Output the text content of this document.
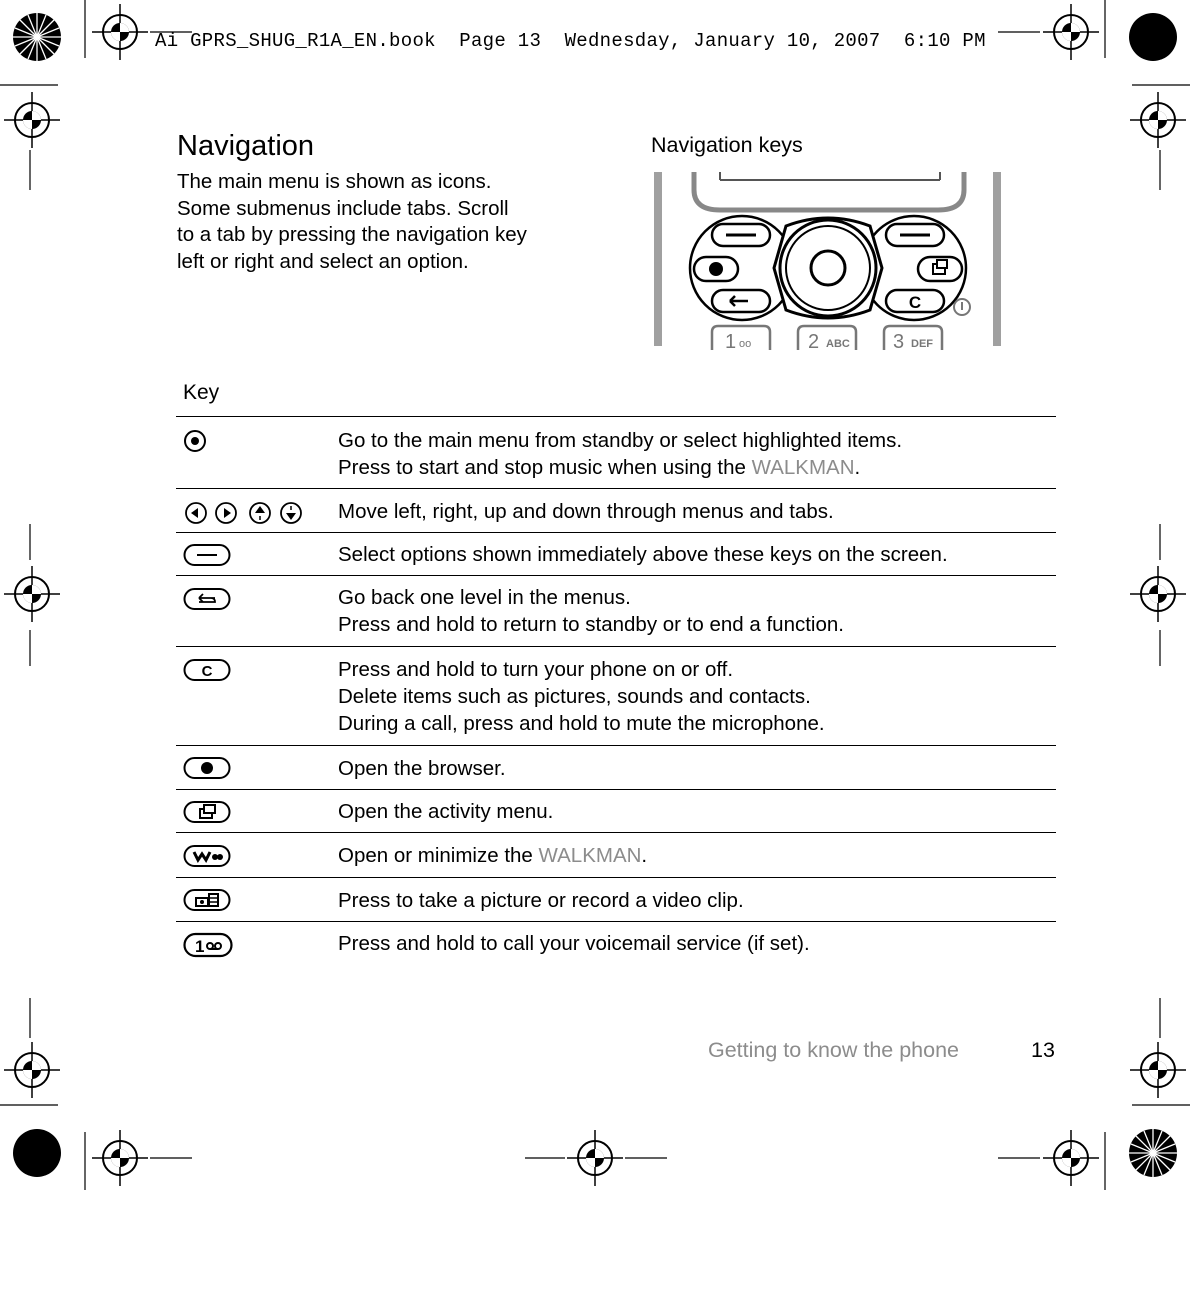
Ai GPRS_SHUG_R1A_EN.book  Page 13  Wednesday, January 10, 2007  6:10 PM
Navigation
The main menu is shown as icons.
Some submenus include tabs. Scroll
to a tab by pressing the navigation key
left or right and select an option.
Navigation keys
C
1 oo	2 ABC 3 DEF
Key

Go to the main menu from standby or select highlighted items.
Press to start and stop music when using the WALKMAN.

Move left, right, up and down through menus and tabs.

Select options shown immediately above these keys on the screen.

Go back one level in the menus.
Press and hold to return to standby or to end a function.

C	Press and hold to turn your phone on or off.
Delete items such as pictures, sounds and contacts.
During a call, press and hold to mute the microphone.

Open the browser.

Open the activity menu.

Open or minimize the WALKMAN.

Press to take a picture or record a video clip.

1	Press and hold to call your voicemail service (if set).
Getting to know the phone	13
